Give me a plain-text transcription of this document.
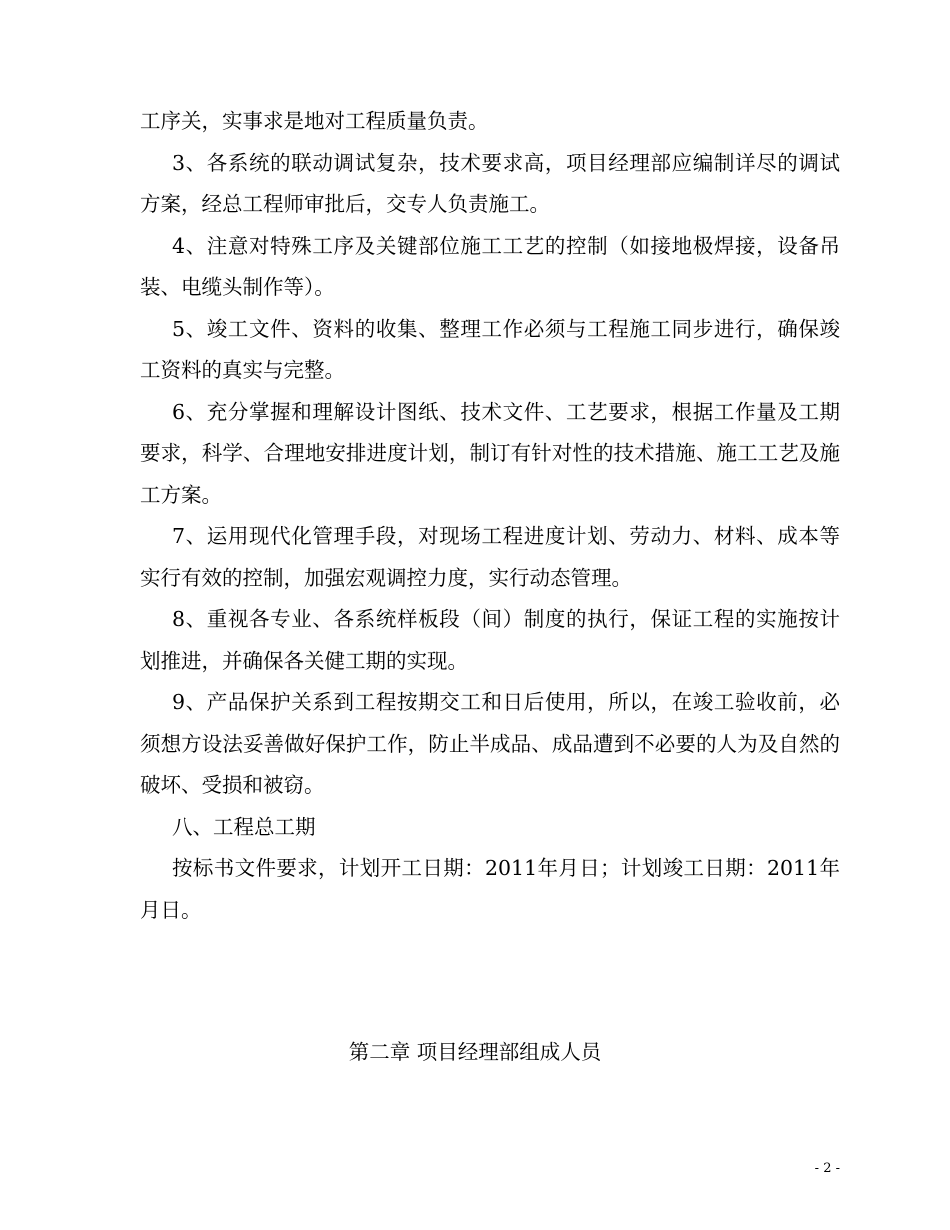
工序关，实事求是地对工程质量负责。

3、各系统的联动调试复杂，技术要求高，项目经理部应编制详尽的调试方案，经总工程师审批后，交专人负责施工。

4、注意对特殊工序及关键部位施工工艺的控制（如接地极焊接，设备吊装、电缆头制作等）。

5、竣工文件、资料的收集、整理工作必须与工程施工同步进行，确保竣工资料的真实与完整。

6、充分掌握和理解设计图纸、技术文件、工艺要求，根据工作量及工期要求，科学、合理地安排进度计划，制订有针对性的技术措施、施工工艺及施工方案。

7、运用现代化管理手段，对现场工程进度计划、劳动力、材料、成本等实行有效的控制，加强宏观调控力度，实行动态管理。

8、重视各专业、各系统样板段（间）制度的执行，保证工程的实施按计划推进，并确保各关健工期的实现。

9、产品保护关系到工程按期交工和日后使用，所以，在竣工验收前，必须想方设法妥善做好保护工作，防止半成品、成品遭到不必要的人为及自然的破坏、受损和被窃。

八、工程总工期

按标书文件要求，计划开工日期：2011年月日；计划竣工日期：2011年月日。

第二章 项目经理部组成人员

- 2 -
